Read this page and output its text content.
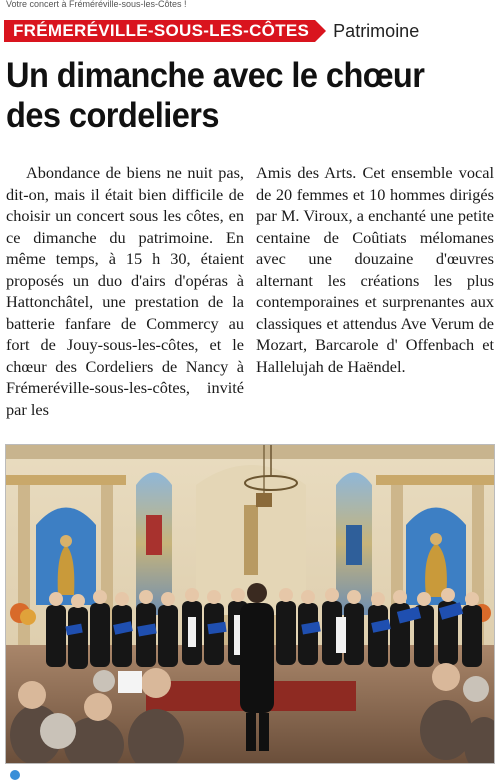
Votre concert à Fréméréville-sous-les-Côtes !
FRÉMERÉVILLE-SOUS-LES-CÔTES	Patrimoine
Un dimanche avec le chœur des cordeliers

Abondance de biens ne nuit pas, dit-on, mais il était bien difficile de choisir un concert sous les côtes, en ce dimanche du patrimoine. En même temps, à 15 h 30, étaient proposés un duo d'airs d'opéras à Hattonchâtel, une prestation de la batterie fanfare de Commercy au fort de Jouy-sous-les-côtes, et le chœur des Cordeliers de Nancy à Frémeréville-sous-les-côtes, invité par les

Amis des Arts. Cet ensemble vocal de 20 femmes et 10 hommes dirigés par M. Viroux, a enchanté une petite centaine de Coûtiats mélomanes avec une douzaine d'œuvres alternant les créations les plus contemporaines et surprenantes aux classiques et attendus Ave Verum de Mozart, Barcarole d' Offenbach et Hallelujah de Haëndel.
